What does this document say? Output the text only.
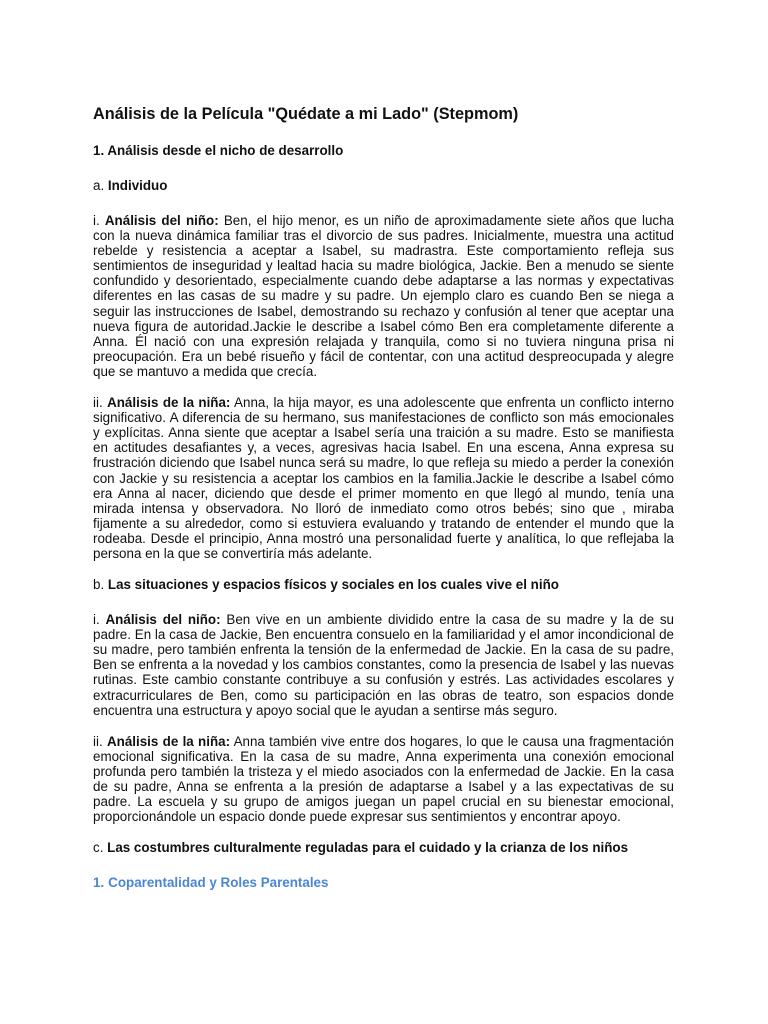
Análisis de la Película "Quédate a mi Lado" (Stepmom)
1. Análisis desde el nicho de desarrollo
a. Individuo

i. Análisis del niño: Ben, el hijo menor, es un niño de aproximadamente siete años que lucha con la nueva dinámica familiar tras el divorcio de sus padres. Inicialmente, muestra una actitud rebelde y resistencia a aceptar a Isabel, su madrastra. Este comportamiento refleja sus sentimientos de inseguridad y lealtad hacia su madre biológica, Jackie. Ben a menudo se siente confundido y desorientado, especialmente cuando debe adaptarse a las normas y expectativas diferentes en las casas de su madre y su padre. Un ejemplo claro es cuando Ben se niega a seguir las instrucciones de Isabel, demostrando su rechazo y confusión al tener que aceptar una nueva figura de autoridad.Jackie le describe a Isabel cómo Ben era completamente diferente a Anna. Él nació con una expresión relajada y tranquila, como si no tuviera ninguna prisa ni preocupación. Era un bebé risueño y fácil de contentar, con una actitud despreocupada y alegre que se mantuvo a medida que crecía.

ii. Análisis de la niña: Anna, la hija mayor, es una adolescente que enfrenta un conflicto interno significativo. A diferencia de su hermano, sus manifestaciones de conflicto son más emocionales y explícitas. Anna siente que aceptar a Isabel sería una traición a su madre. Esto se manifiesta en actitudes desafiantes y, a veces, agresivas hacia Isabel. En una escena, Anna expresa su frustración diciendo que Isabel nunca será su madre, lo que refleja su miedo a perder la conexión con Jackie y su resistencia a aceptar los cambios en la familia.Jackie le describe a Isabel cómo era Anna al nacer, diciendo que desde el primer momento en que llegó al mundo, tenía una mirada intensa y observadora. No lloró de inmediato como otros bebés; sino que , miraba fijamente a su alrededor, como si estuviera evaluando y tratando de entender el mundo que la rodeaba. Desde el principio, Anna mostró una personalidad fuerte y analítica, lo que reflejaba la persona en la que se convertiría más adelante.

b. Las situaciones y espacios físicos y sociales en los cuales vive el niño

i. Análisis del niño: Ben vive en un ambiente dividido entre la casa de su madre y la de su padre. En la casa de Jackie, Ben encuentra consuelo en la familiaridad y el amor incondicional de su madre, pero también enfrenta la tensión de la enfermedad de Jackie. En la casa de su padre, Ben se enfrenta a la novedad y los cambios constantes, como la presencia de Isabel y las nuevas rutinas. Este cambio constante contribuye a su confusión y estrés. Las actividades escolares y extracurriculares de Ben, como su participación en las obras de teatro, son espacios donde encuentra una estructura y apoyo social que le ayudan a sentirse más seguro.

ii. Análisis de la niña: Anna también vive entre dos hogares, lo que le causa una fragmentación emocional significativa. En la casa de su madre, Anna experimenta una conexión emocional profunda pero también la tristeza y el miedo asociados con la enfermedad de Jackie. En la casa de su padre, Anna se enfrenta a la presión de adaptarse a Isabel y a las expectativas de su padre. La escuela y su grupo de amigos juegan un papel crucial en su bienestar emocional, proporcionándole un espacio donde puede expresar sus sentimientos y encontrar apoyo.

c. Las costumbres culturalmente reguladas para el cuidado y la crianza de los niños
1. Coparentalidad y Roles Parentales
